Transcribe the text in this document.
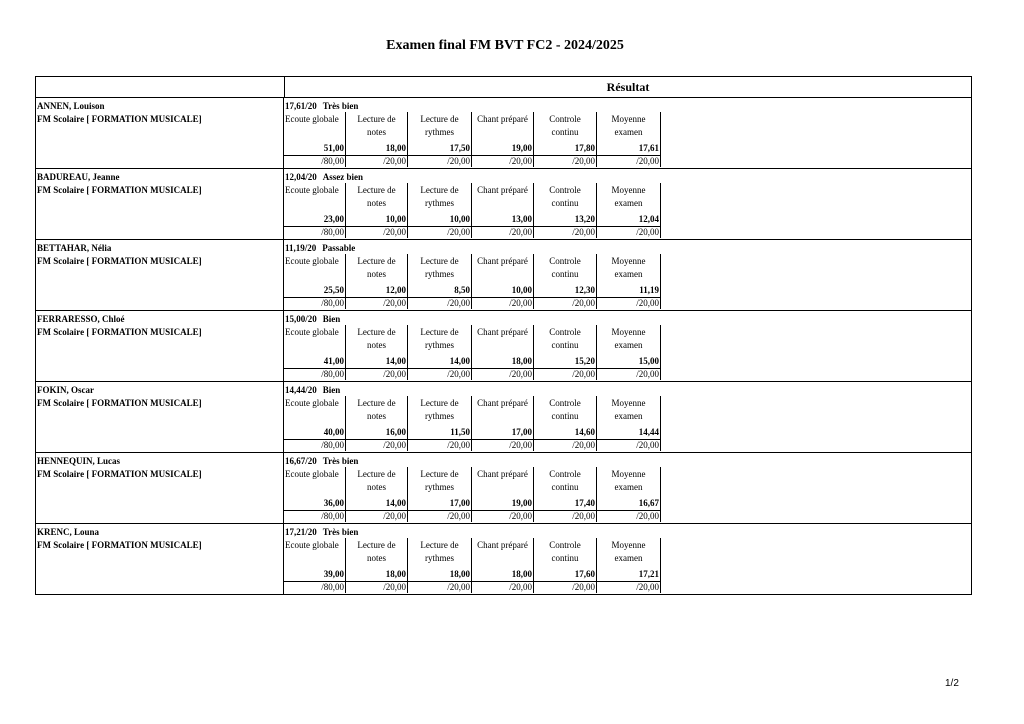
Examen final FM BVT FC2 - 2024/2025
Résultat
ANNEN, Louison
FM Scolaire [ FORMATION MUSICALE]
17,61/20 Très bien
Ecoute globale
51,00
/80,00
Lecture de
notes
18,00
/20,00
Lecture de
rythmes
17,50
/20,00
Chant préparé
19,00
/20,00
Controle
continu
17,80
/20,00
Moyenne
examen
17,61
/20,00
BADUREAU, Jeanne
FM Scolaire [ FORMATION MUSICALE]
12,04/20 Assez bien
Ecoute globale
23,00
/80,00
Lecture de
notes
10,00
/20,00
Lecture de
rythmes
10,00
/20,00
Chant préparé
13,00
/20,00
Controle
continu
13,20
/20,00
Moyenne
examen
12,04
/20,00
BETTAHAR, Nélia
FM Scolaire [ FORMATION MUSICALE]
11,19/20 Passable
Ecoute globale
25,50
/80,00
Lecture de
notes
12,00
/20,00
Lecture de
rythmes
8,50
/20,00
Chant préparé
10,00
/20,00
Controle
continu
12,30
/20,00
Moyenne
examen
11,19
/20,00
FERRARESSO, Chloé
FM Scolaire [ FORMATION MUSICALE]
15,00/20 Bien
Ecoute globale
41,00
/80,00
Lecture de
notes
14,00
/20,00
Lecture de
rythmes
14,00
/20,00
Chant préparé
18,00
/20,00
Controle
continu
15,20
/20,00
Moyenne
examen
15,00
/20,00
FOKIN, Oscar
FM Scolaire [ FORMATION MUSICALE]
14,44/20 Bien
Ecoute globale
40,00
/80,00
Lecture de
notes
16,00
/20,00
Lecture de
rythmes
11,50
/20,00
Chant préparé
17,00
/20,00
Controle
continu
14,60
/20,00
Moyenne
examen
14,44
/20,00
HENNEQUIN, Lucas
FM Scolaire [ FORMATION MUSICALE]
16,67/20 Très bien
Ecoute globale
36,00
/80,00
Lecture de
notes
14,00
/20,00
Lecture de
rythmes
17,00
/20,00
Chant préparé
19,00
/20,00
Controle
continu
17,40
/20,00
Moyenne
examen
16,67
/20,00
KRENC, Louna
FM Scolaire [ FORMATION MUSICALE]
17,21/20 Très bien
Ecoute globale
39,00
/80,00
Lecture de
notes
18,00
/20,00
Lecture de
rythmes
18,00
/20,00
Chant préparé
18,00
/20,00
Controle
continu
17,60
/20,00
Moyenne
examen
17,21
/20,00
1/2
